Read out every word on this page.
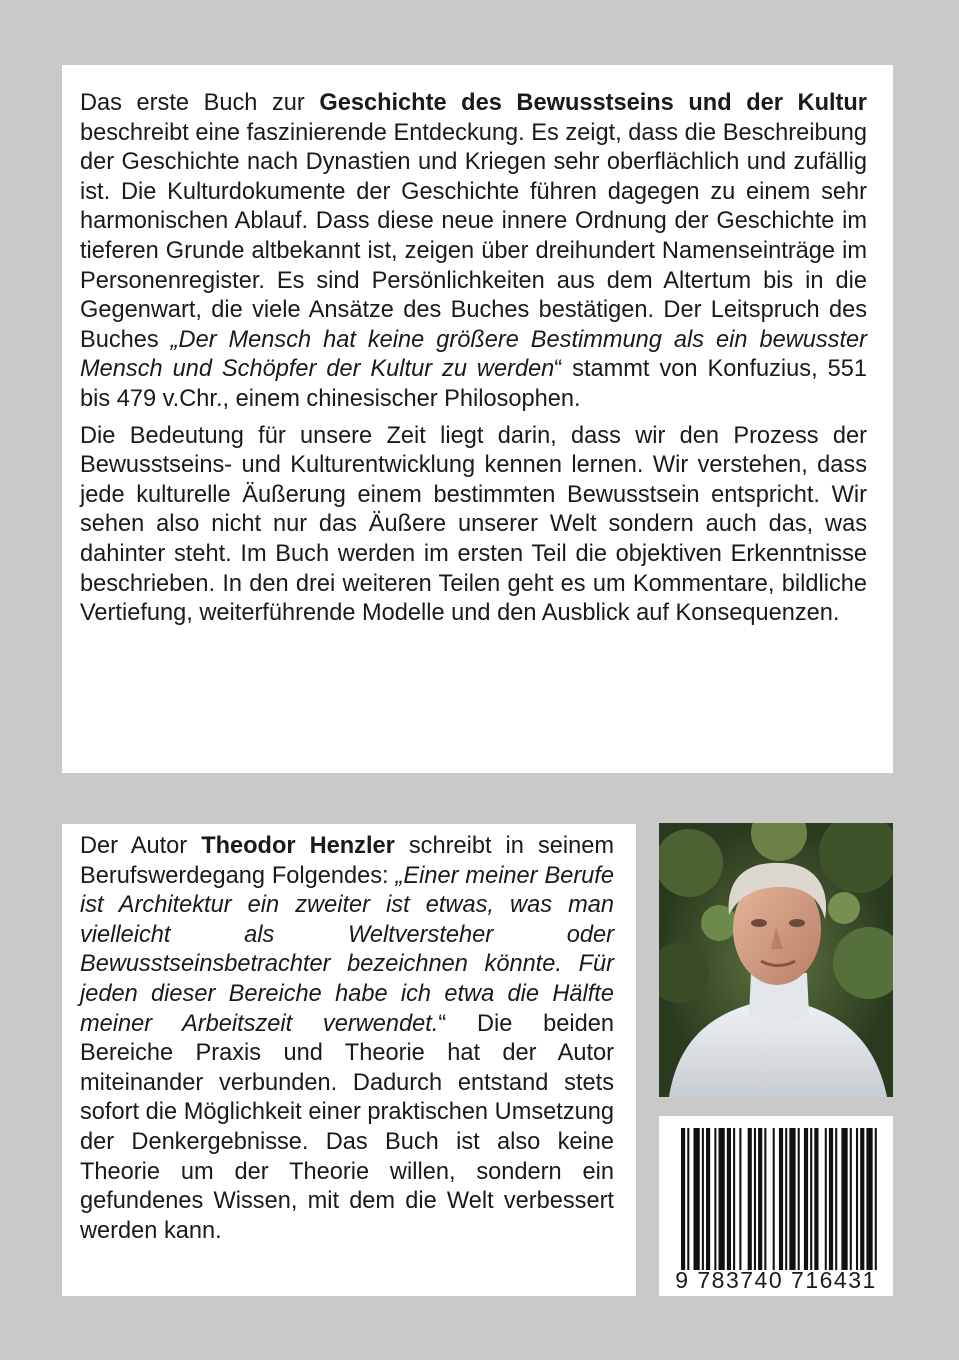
Das erste Buch zur Geschichte des Bewusstseins und der Kultur beschreibt eine faszinierende Entdeckung. Es zeigt, dass die Beschreibung der Geschichte nach Dynastien und Kriegen sehr oberflächlich und zufällig ist. Die Kulturdokumente der Geschichte führen dagegen zu einem sehr harmonischen Ablauf. Dass diese neue innere Ordnung der Geschichte im tieferen Grunde altbekannt ist, zeigen über dreihundert Namenseinträge im Personenregister. Es sind Persönlichkeiten aus dem Altertum bis in die Gegenwart, die viele Ansätze des Buches bestätigen. Der Leitspruch des Buches „Der Mensch hat keine größere Bestimmung als ein bewusster Mensch und Schöpfer der Kultur zu werden“ stammt von Konfuzius, 551 bis 479 v.Chr., einem chinesischer Philosophen.

Die Bedeutung für unsere Zeit liegt darin, dass wir den Prozess der Bewusstseins- und Kulturentwicklung kennen lernen. Wir verstehen, dass jede kulturelle Äußerung einem bestimmten Bewusstsein entspricht. Wir sehen also nicht nur das Äußere unserer Welt sondern auch das, was dahinter steht. Im Buch werden im ersten Teil die objektiven Erkenntnisse beschrieben. In den drei weiteren Teilen geht es um Kommentare, bildliche Vertiefung, weiterführende Modelle und den Ausblick auf Konsequenzen.

Der Autor Theodor Henzler schreibt in seinem Berufswerdegang Folgendes: „Einer meiner Berufe ist Architektur ein zweiter ist etwas, was man vielleicht als Weltversteher oder Bewusstseinsbetrachter bezeichnen könnte. Für jeden dieser Bereiche habe ich etwa die Hälfte meiner Arbeitszeit verwendet.“ Die beiden Bereiche Praxis und Theorie hat der Autor miteinander verbunden. Dadurch entstand stets sofort die Möglichkeit einer praktischen Umsetzung der Denkergebnisse. Das Buch ist also keine Theorie um der Theorie willen, sondern ein gefundenes Wissen, mit dem die Welt verbessert werden kann.

9 783740 716431
